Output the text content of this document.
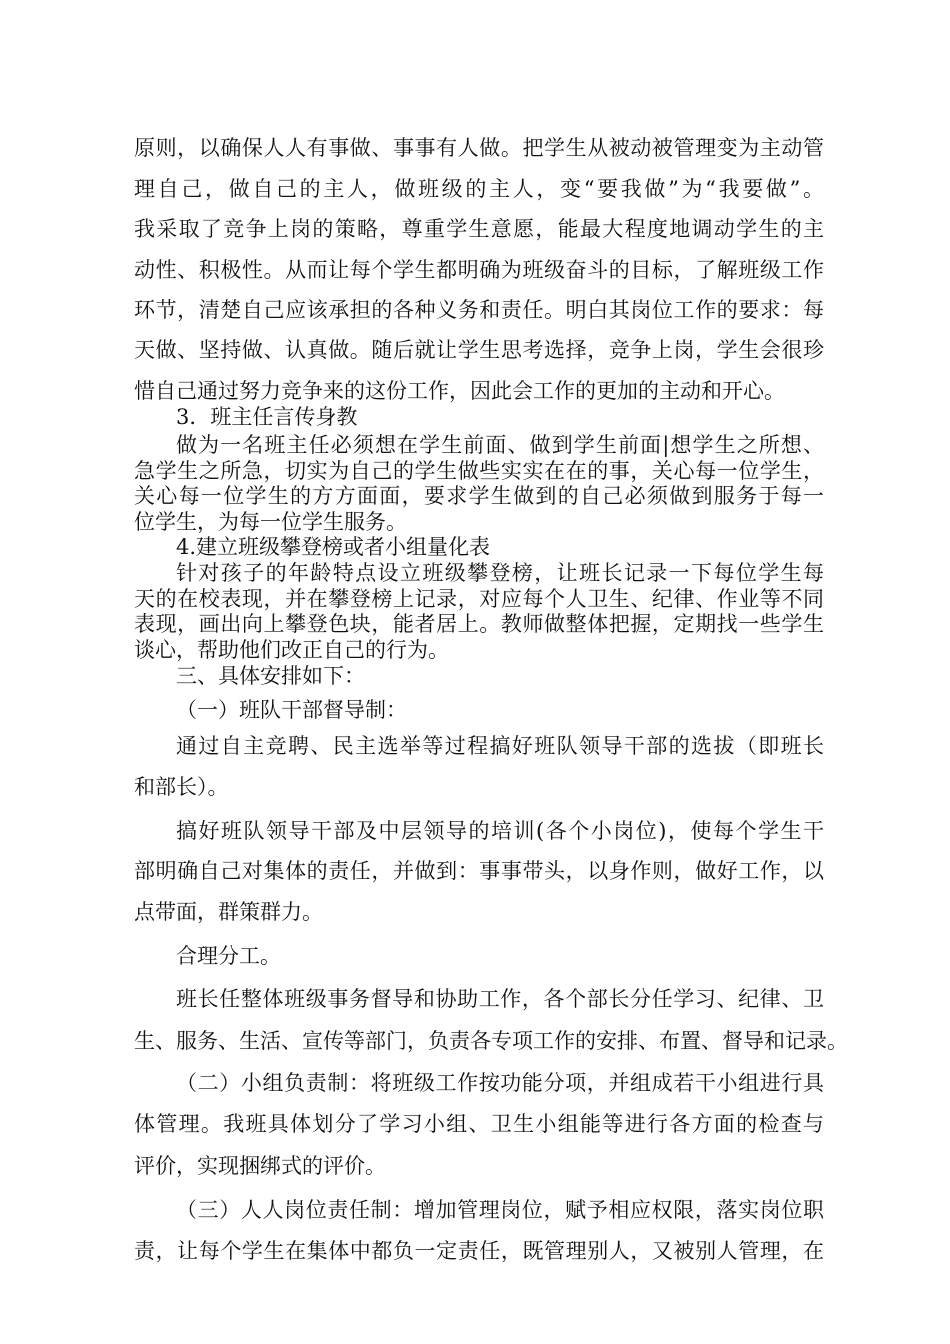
原则，以确保人人有事做、事事有人做。把学生从被动被管理变为主动管
理自己，做自己的主人，做班级的主人，变“要我做”为“我要做”。
我采取了竞争上岗的策略，尊重学生意愿，能最大程度地调动学生的主
动性、积极性。从而让每个学生都明确为班级奋斗的目标，了解班级工作
环节，清楚自己应该承担的各种义务和责任。明白其岗位工作的要求：每
天做、坚持做、认真做。随后就让学生思考选择，竞争上岗，学生会很珍
惜自己通过努力竞争来的这份工作，因此会工作的更加的主动和开心。
3．班主任言传身教
做为一名班主任必须想在学生前面、做到学生前面|想学生之所想、
急学生之所急，切实为自己的学生做些实实在在的事，关心每一位学生，
关心每一位学生的方方面面，要求学生做到的自己必须做到服务于每一
位学生，为每一位学生服务。
4.建立班级攀登榜或者小组量化表
针对孩子的年龄特点设立班级攀登榜，让班长记录一下每位学生每
天的在校表现，并在攀登榜上记录，对应每个人卫生、纪律、作业等不同
表现，画出向上攀登色块，能者居上。教师做整体把握，定期找一些学生
谈心，帮助他们改正自己的行为。
三、具体安排如下：
（一）班队干部督导制：
通过自主竞聘、民主选举等过程搞好班队领导干部的选拔（即班长
和部长）。
搞好班队领导干部及中层领导的培训(各个小岗位)，使每个学生干
部明确自己对集体的责任，并做到：事事带头，以身作则，做好工作，以
点带面，群策群力。
合理分工。
班长任整体班级事务督导和协助工作，各个部长分任学习、纪律、卫
生、服务、生活、宣传等部门，负责各专项工作的安排、布置、督导和记录。
（二）小组负责制：将班级工作按功能分项，并组成若干小组进行具
体管理。我班具体划分了学习小组、卫生小组能等进行各方面的检查与
评价，实现捆绑式的评价。
（三）人人岗位责任制：增加管理岗位，赋予相应权限，落实岗位职
责，让每个学生在集体中都负一定责任，既管理别人，又被别人管理，在
